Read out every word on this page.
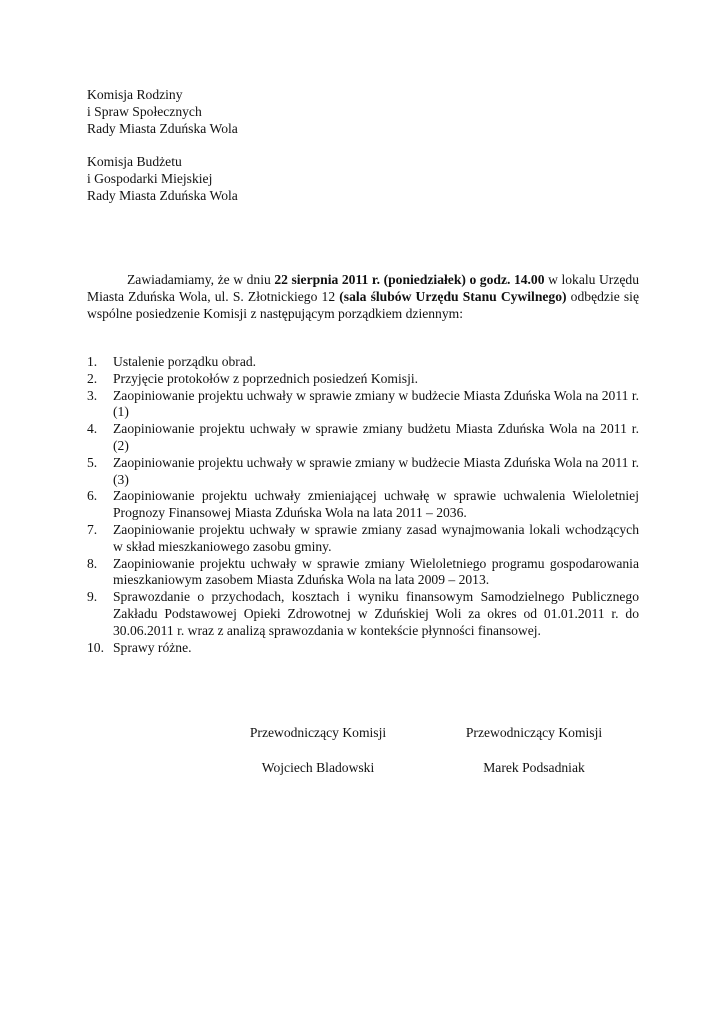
Komisja Rodziny
i Spraw Społecznych
Rady Miasta Zduńska Wola
Komisja Budżetu
i Gospodarki Miejskiej
Rady Miasta Zduńska Wola
Zawiadamiamy, że w dniu 22 sierpnia 2011 r. (poniedziałek) o godz. 14.00 w lokalu Urzędu Miasta Zduńska Wola, ul. S. Złotnickiego 12 (sala ślubów Urzędu Stanu Cywilnego) odbędzie się wspólne posiedzenie Komisji z następującym porządkiem dziennym:
1. Ustalenie porządku obrad.
2. Przyjęcie protokołów z poprzednich posiedzeń Komisji.
3. Zaopiniowanie projektu uchwały w sprawie zmiany w budżecie Miasta Zduńska Wola na 2011 r. (1)
4. Zaopiniowanie projektu uchwały w sprawie zmiany budżetu Miasta Zduńska Wola na 2011 r. (2)
5. Zaopiniowanie projektu uchwały w sprawie zmiany w budżecie Miasta Zduńska Wola na 2011 r. (3)
6. Zaopiniowanie projektu uchwały zmieniającej uchwałę w sprawie uchwalenia Wieloletniej Prognozy Finansowej Miasta Zduńska Wola na lata 2011 – 2036.
7. Zaopiniowanie projektu uchwały w sprawie zmiany zasad wynajmowania lokali wchodzących w skład mieszkaniowego zasobu gminy.
8. Zaopiniowanie projektu uchwały w sprawie zmiany Wieloletniego programu gospodarowania mieszkaniowym zasobem Miasta Zduńska Wola na lata 2009 – 2013.
9. Sprawozdanie o przychodach, kosztach i wyniku finansowym Samodzielnego Publicznego Zakładu Podstawowej Opieki Zdrowotnej w Zduńskiej Woli za okres od 01.01.2011 r. do 30.06.2011 r. wraz z analizą sprawozdania w kontekście płynności finansowej.
10. Sprawy różne.
Przewodniczący Komisji
Wojciech Bladowski
Przewodniczący Komisji
Marek Podsadniak
